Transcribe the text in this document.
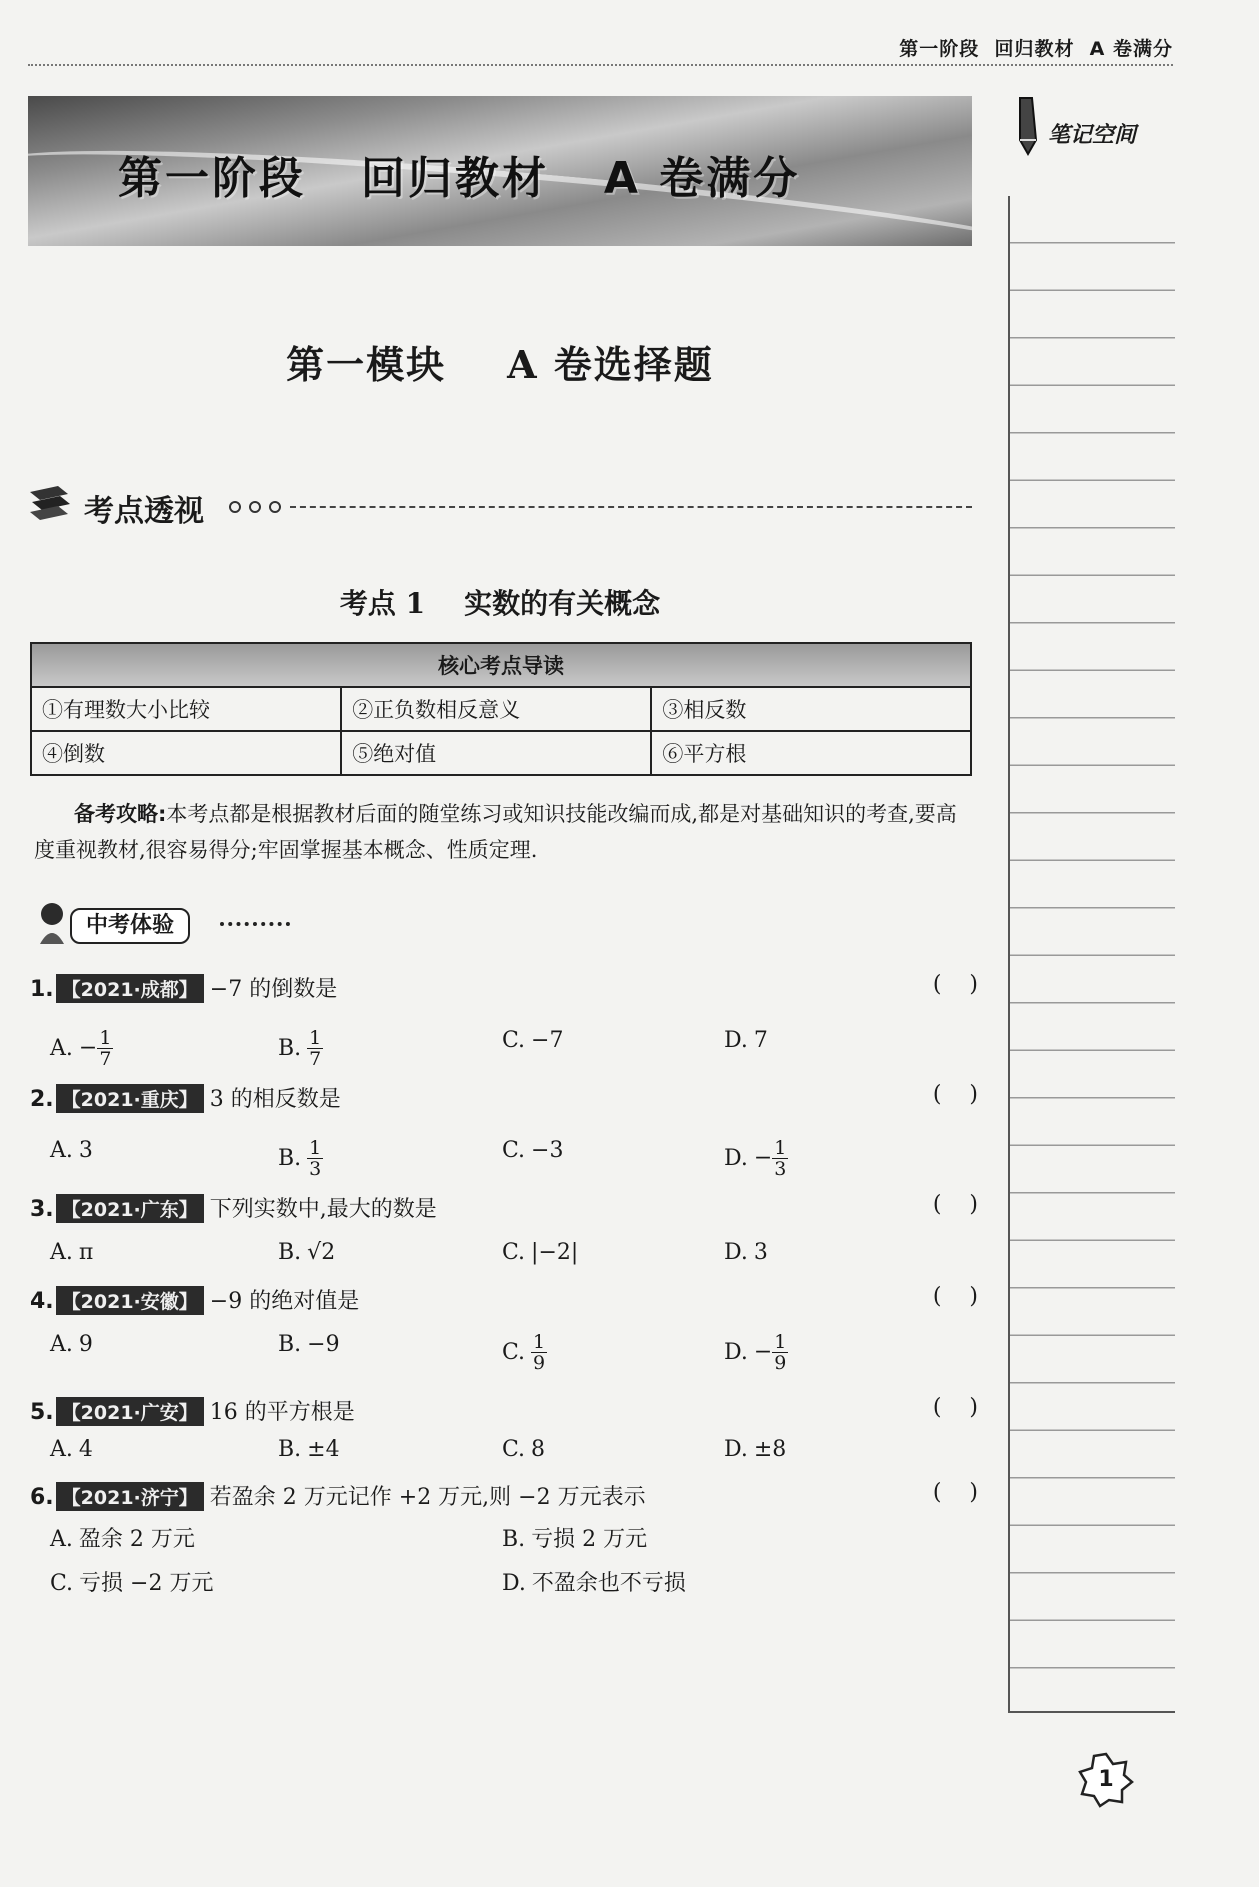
第一阶段  回归教材  A 卷满分
第一阶段   回归教材   A 卷满分
笔记空间
第一模块    A 卷选择题
考点透视
考点 1    实数的有关概念
核心考点导读		
①有理数大小比较	②正负数相反意义	③相反数
④倒数	⑤绝对值	⑥平方根
备考攻略:本考点都是根据教材后面的随堂练习或知识技能改编而成,都是对基础知识的考查,要高度重视教材,很容易得分;牢固掌握基本概念、性质定理.
中考体验
1. 【2021·成都】 −7 的倒数是	(    )
A. − $\frac{1}{7}$	B. $\frac{1}{7}$	C. −7	D. 7
2. 【2021·重庆】 3 的相反数是	(    )
A. 3	B. $\frac{1}{3}$	C. −3	D. − $\frac{1}{3}$
3. 【2021·广东】 下列实数中,最大的数是	(    )
A. π	B. √2	C. |−2|	D. 3
4. 【2021·安徽】 −9 的绝对值是	(    )
A. 9	B. −9	C. $\frac{1}{9}$	D. − $\frac{1}{9}$
5. 【2021·广安】 16 的平方根是	(    )
A. 4	B. ±4	C. 8	D. ±8
6. 【2021·济宁】 若盈余 2 万元记作 +2 万元,则 −2 万元表示	(    )
A. 盈余 2 万元	B. 亏损 2 万元
C. 亏损 −2 万元	D. 不盈余也不亏损
1
